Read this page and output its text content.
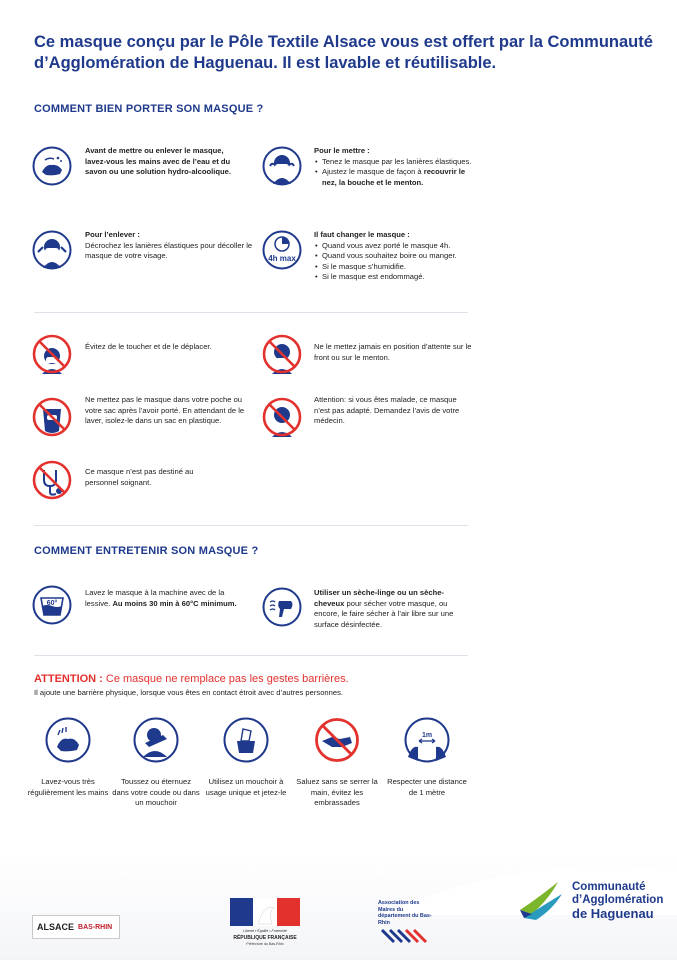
Ce masque conçu par le Pôle Textile Alsace vous est offert par la Communauté d’Agglomération de Haguenau. Il est lavable et réutilisable.
COMMENT BIEN PORTER SON MASQUE ?
Avant de mettre ou enlever le masque, lavez-vous les mains avec de l’eau et du savon ou une solution hydro-alcoolique.
Pour le mettre :
• Tenez le masque par les lanières élastiques.
• Ajustez le masque de façon à recouvrir le nez, la bouche et le menton.
Pour l’enlever :
Décrochez les lanières élastiques pour décoller le masque de votre visage.	4h max
Il faut changer le masque :
• Quand vous avez porté le masque 4h.
• Quand vous souhaitez boire ou manger.
• Si le masque s’humidifie.
• Si le masque est endommagé.
Évitez de le toucher et de le déplacer.	Ne le mettez jamais en position d’attente sur le front ou sur le menton.
Ne mettez pas le masque dans votre poche ou votre sac après l’avoir porté. En attendant de le laver, isolez-le dans un sac en plastique.
Attention: si vous êtes malade, ce masque n’est pas adapté. Demandez l’avis de votre médecin.
Ce masque n’est pas destiné au personnel soignant.
COMMENT ENTRETENIR SON MASQUE ?
60°
Lavez le masque à la machine avec de la lessive. Au moins 30 min à 60°C minimum.
Utiliser un sèche-linge ou un sèche-cheveux pour sécher votre masque, ou encore, le faire sécher à l’air libre sur une surface désinfectée.
ATTENTION : Ce masque ne remplace pas les gestes barrières.
Il ajoute une barrière physique, lorsque vous êtes en contact étroit avec d’autres personnes.
Lavez-vous très régulièrement les mains
Toussez ou éternuez dans votre coude ou dans un mouchoir
Utilisez un mouchoir à usage unique et jetez-le
Saluez sans se serrer la main, évitez les embrassades
1m
Respecter une distance de 1 mètre
ALSACE BAS-RHIN
Liberté • Égalité • Fraternité
RÉPUBLIQUE FRANÇAISE
Préfecture du Bas-Rhin
Association des Maires du département du Bas-Rhin
Communauté
d’Agglomération
de Haguenau
